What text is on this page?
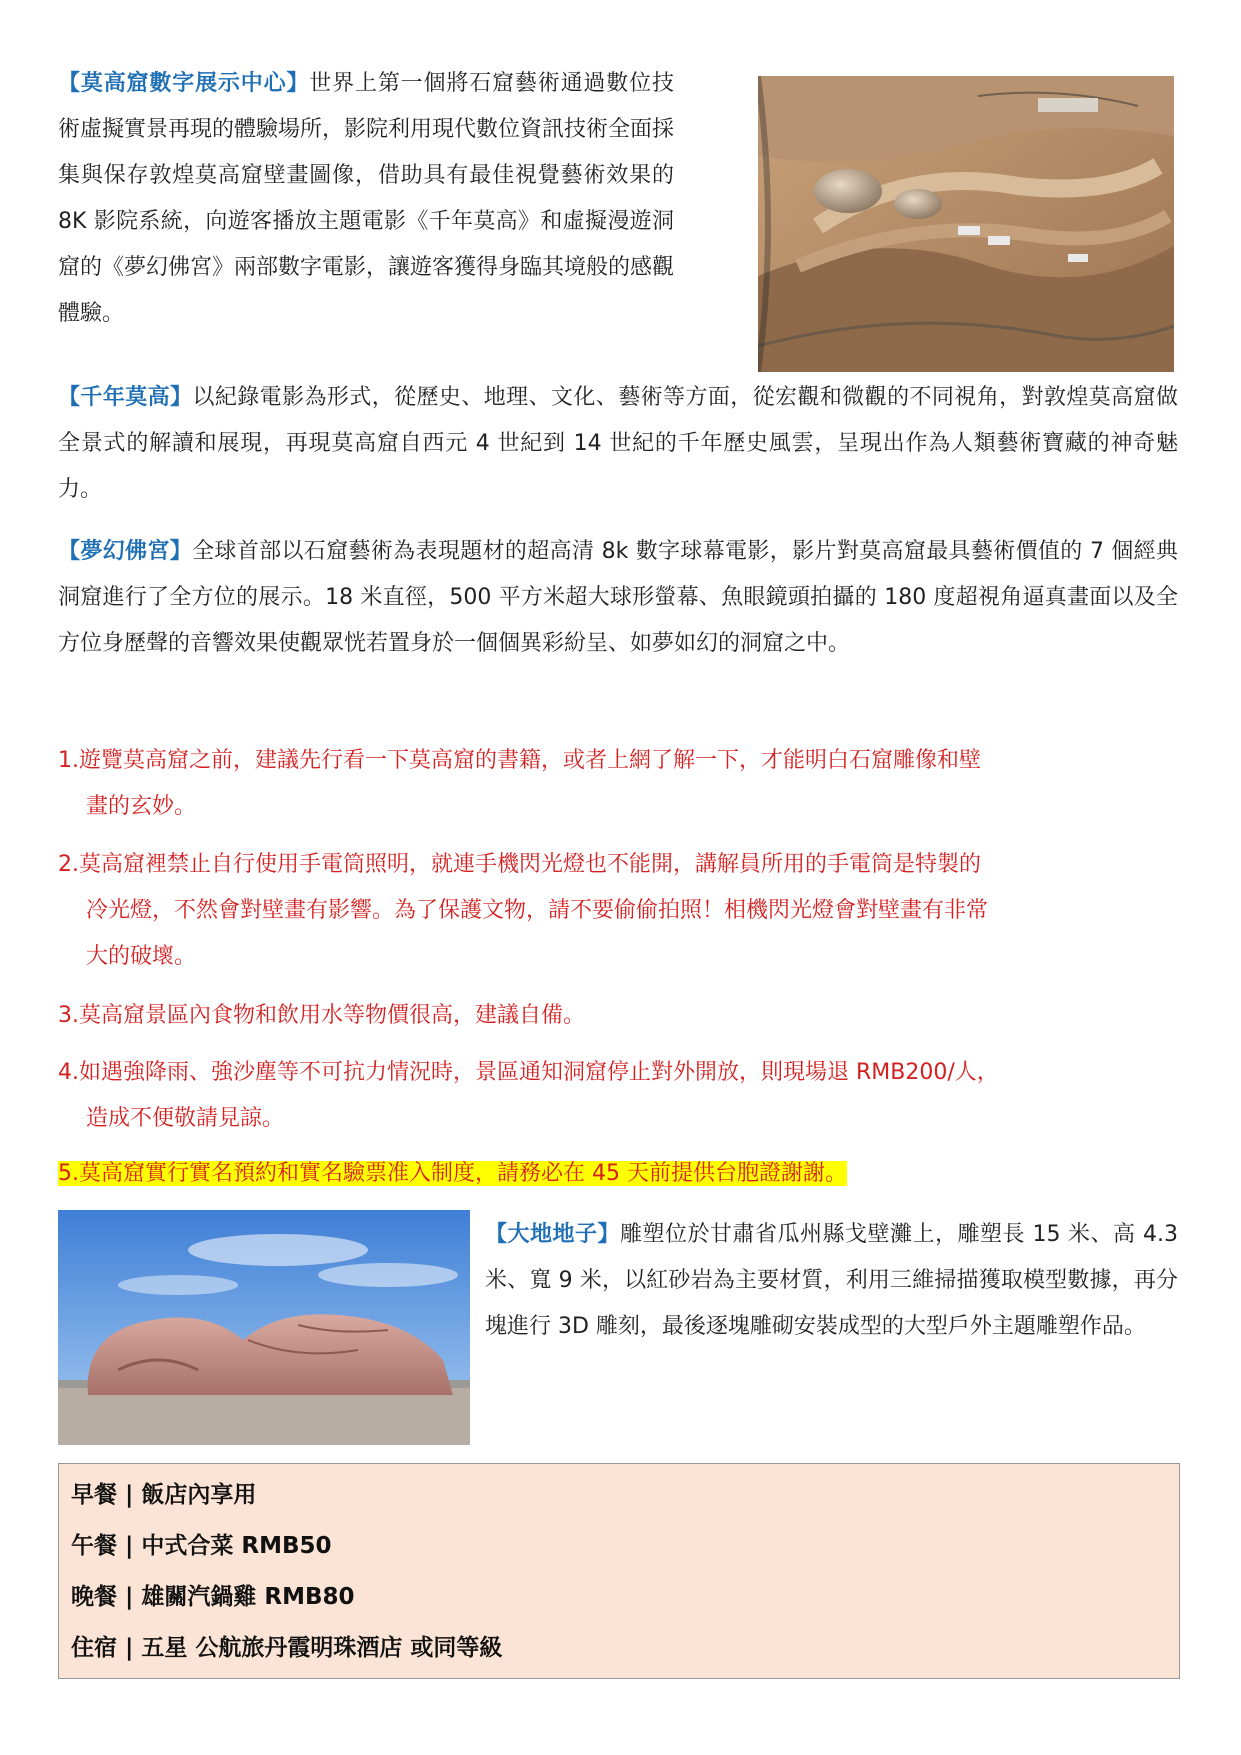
【莫高窟數字展示中心】世界上第一個將石窟藝術通過數位技術虛擬實景再現的體驗場所，影院利用現代數位資訊技術全面採集與保存敦煌莫高窟壁畫圖像，借助具有最佳視覺藝術效果的 8K 影院系統，向遊客播放主題電影《千年莫高》和虛擬漫遊洞窟的《夢幻佛宮》兩部數字電影，讓遊客獲得身臨其境般的感觀體驗。

【千年莫高】以紀錄電影為形式，從歷史、地理、文化、藝術等方面，從宏觀和微觀的不同視角，對敦煌莫高窟做全景式的解讀和展現，再現莫高窟自西元 4 世紀到 14 世紀的千年歷史風雲，呈現出作為人類藝術寶藏的神奇魅力。

【夢幻佛宮】全球首部以石窟藝術為表現題材的超高清 8k 數字球幕電影，影片對莫高窟最具藝術價值的 7 個經典洞窟進行了全方位的展示。18 米直徑，500 平方米超大球形螢幕、魚眼鏡頭拍攝的 180 度超視角逼真畫面以及全方位身歷聲的音響效果使觀眾恍若置身於一個個異彩紛呈、如夢如幻的洞窟之中。

1.遊覽莫高窟之前，建議先行看一下莫高窟的書籍，或者上網了解一下，才能明白石窟雕像和壁
畫的玄妙。
2.莫高窟裡禁止自行使用手電筒照明，就連手機閃光燈也不能開，講解員所用的手電筒是特製的
冷光燈，不然會對壁畫有影響。為了保護文物，請不要偷偷拍照！相機閃光燈會對壁畫有非常
大的破壞。
3.莫高窟景區內食物和飲用水等物價很高，建議自備。
4.如遇強降雨、強沙塵等不可抗力情況時，景區通知洞窟停止對外開放，則現場退 RMB200/人，
造成不便敬請見諒。
5.莫高窟實行實名預約和實名驗票准入制度，請務必在 45 天前提供台胞證謝謝。

【大地地子】雕塑位於甘肅省瓜州縣戈壁灘上，雕塑長 15 米、高 4.3 米、寬 9 米，以紅砂岩為主要材質，利用三維掃描獲取模型數據，再分塊進行 3D 雕刻，最後逐塊雕砌安裝成型的大型戶外主題雕塑作品。

早餐 | 飯店內享用
午餐 | 中式合菜 RMB50
晚餐 | 雄關汽鍋雞 RMB80
住宿 | 五星 公航旅丹霞明珠酒店 或同等級
